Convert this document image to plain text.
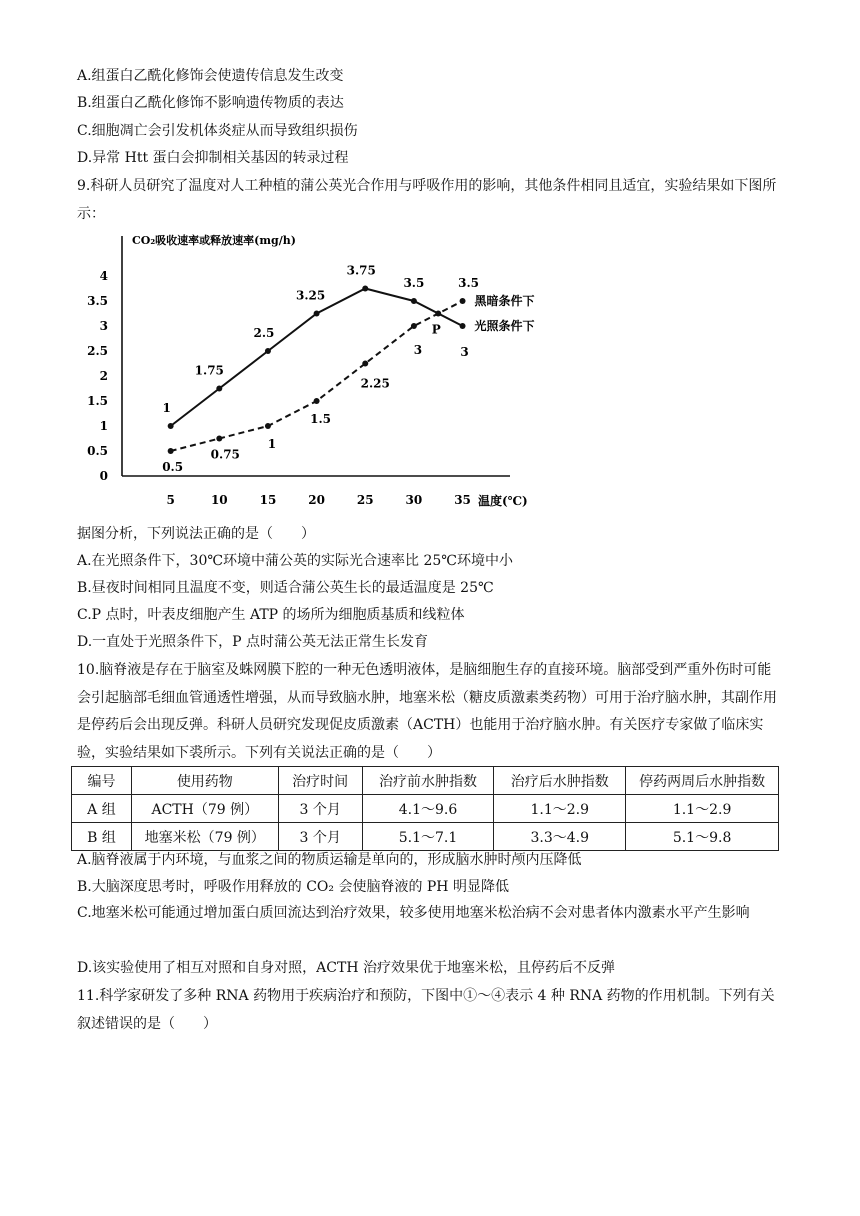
A.组蛋白乙酰化修饰会使遗传信息发生改变
B.组蛋白乙酰化修饰不影响遗传物质的表达
C.细胞凋亡会引发机体炎症从而导致组织损伤
D.异常 Htt 蛋白会抑制相关基因的转录过程
9.科研人员研究了温度对人工种植的蒲公英光合作用与呼吸作用的影响，其他条件相同且适宜，实验结果如下图所示：
CO₂吸收速率或释放速率(mg/h)
温度(℃)
0
0.5
1
1.5
2
2.5
3
3.5
4
5	10	15	20	25	30	35
1
1.75
2.5
3.25
3.75
3.5
3
光照条件下
0.5
0.75
1
1.5
2.25
3
3.5
黑暗条件下
P
据图分析，下列说法正确的是（　　）
A.在光照条件下，30℃环境中蒲公英的实际光合速率比 25℃环境中小
B.昼夜时间相同且温度不变，则适合蒲公英生长的最适温度是 25℃
C.P 点时，叶表皮细胞产生 ATP 的场所为细胞质基质和线粒体
D.一直处于光照条件下，P 点时蒲公英无法正常生长发育
10.脑脊液是存在于脑室及蛛网膜下腔的一种无色透明液体，是脑细胞生存的直接环境。脑部受到严重外伤时可能会引起脑部毛细血管通透性增强，从而导致脑水肿，地塞米松（糖皮质激素类药物）可用于治疗脑水肿，其副作用是停药后会出现反弹。科研人员研究发现促皮质激素（ACTH）也能用于治疗脑水肿。有关医疗专家做了临床实验，实验结果如下裘所示。下列有关说法正确的是（　　）
编号	使用药物	治疗时间	治疗前水肿指数	治疗后水肿指数	停药两周后水肿指数
A 组	ACTH（79 例）	3 个月	4.1～9.6	1.1～2.9	1.1～2.9
B 组	地塞米松（79 例）	3 个月	5.1～7.1	3.3～4.9	5.1～9.8
A.脑脊液属于内环境，与血浆之间的物质运输是单向的，形成脑水肿时颅内压降低
B.大脑深度思考时，呼吸作用释放的 CO₂ 会使脑脊液的 PH 明显降低
C.地塞米松可能通过增加蛋白质回流达到治疗效果，较多使用地塞米松治病不会对患者体内激素水平产生影响
D.该实验使用了相互对照和自身对照，ACTH 治疗效果优于地塞米松，且停药后不反弹
11.科学家研发了多种 RNA 药物用于疾病治疗和预防，下图中①～④表示 4 种 RNA 药物的作用机制。下列有关叙述错误的是（　　）
